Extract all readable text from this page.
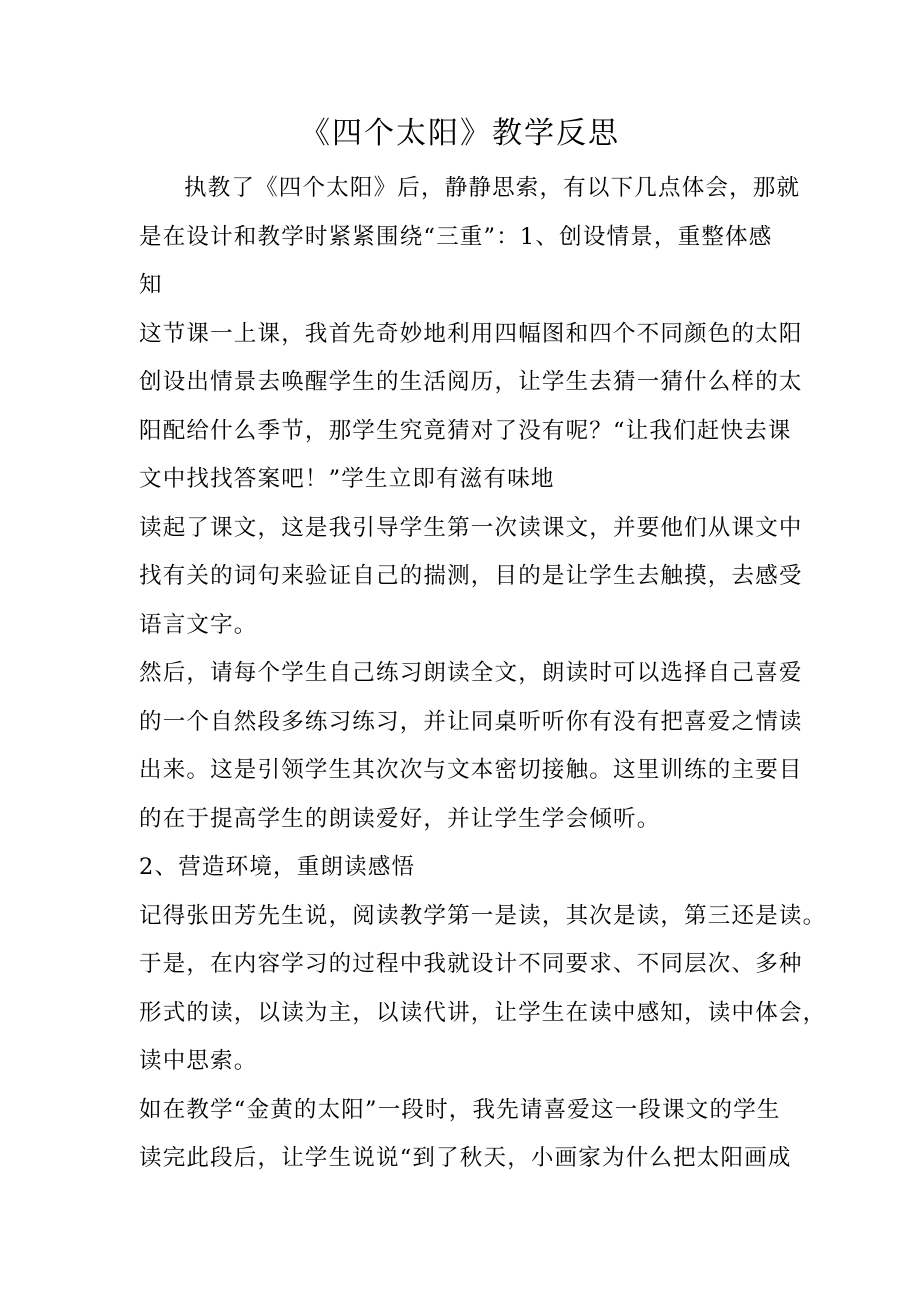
《四个太阳》教学反思

执教了《四个太阳》后，静静思索，有以下几点体会，那就
是在设计和教学时紧紧围绕“三重”：1、创设情景，重整体感
知

这节课一上课，我首先奇妙地利用四幅图和四个不同颜色的太阳
创设出情景去唤醒学生的生活阅历，让学生去猜一猜什么样的太
阳配给什么季节，那学生究竟猜对了没有呢？“让我们赶快去课
文中找找答案吧！”学生立即有滋有味地

读起了课文，这是我引导学生第一次读课文，并要他们从课文中
找有关的词句来验证自己的揣测，目的是让学生去触摸，去感受
语言文字。

然后，请每个学生自己练习朗读全文，朗读时可以选择自己喜爱
的一个自然段多练习练习，并让同桌听听你有没有把喜爱之情读
出来。这是引领学生其次次与文本密切接触。这里训练的主要目
的在于提高学生的朗读爱好，并让学生学会倾听。

2、营造环境，重朗读感悟

记得张田芳先生说，阅读教学第一是读，其次是读，第三还是读。
于是，在内容学习的过程中我就设计不同要求、不同层次、多种
形式的读，以读为主，以读代讲，让学生在读中感知，读中体会，
读中思索。

如在教学“金黄的太阳”一段时，我先请喜爱这一段课文的学生
读完此段后，让学生说说“到了秋天，小画家为什么把太阳画成
